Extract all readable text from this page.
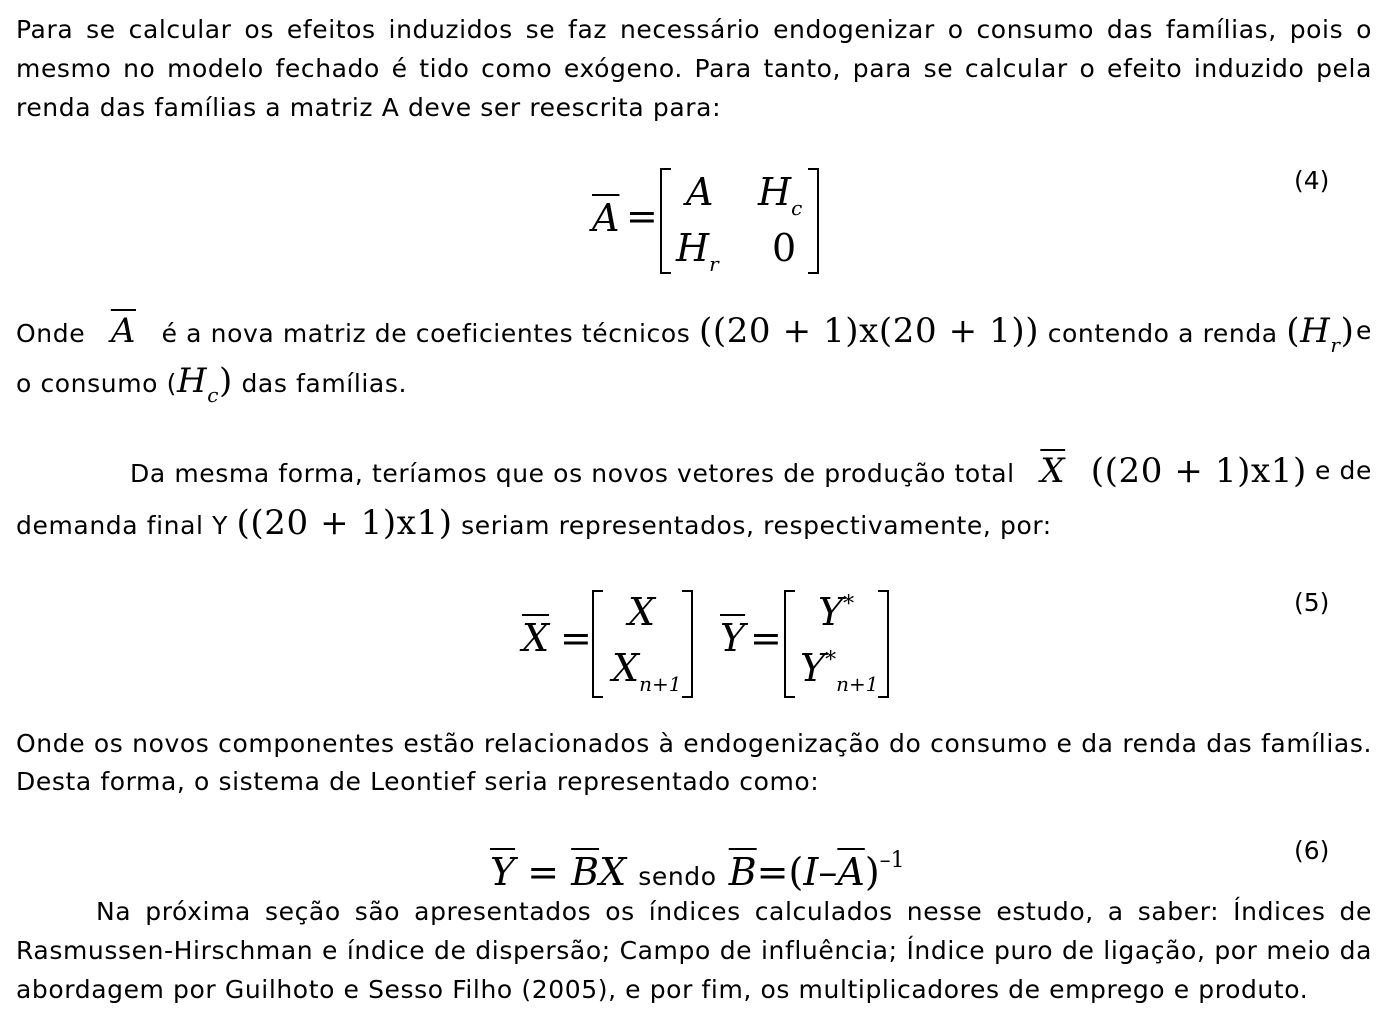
Para se calcular os efeitos induzidos se faz necessário endogenizar o consumo das famílias, pois o
mesmo no modelo fechado é tido como exógeno. Para tanto, para se calcular o efeito induzido pela
renda das famílias a matriz A deve ser reescrita para:
$\overline{A}$ =
A $H_c$
$H_r$ 0
(4)
Onde $\overline{A}$ é a nova matriz de coeficientes técnicos ((20 + 1)x(20 + 1)) contendo a renda $(H_r)$ e
o consumo $(H_c)$ das famílias.
Da mesma forma, teríamos que os novos vetores de produção total $\overline{X}$ ((20 + 1)x1) e de
demanda final Y ((20 + 1)x1) seriam representados, respectivamente, por:
$\overline{X}$ =
X
$X_{n+1}$
$\overline{Y}$ =
Y*
$Y^*_{n+1}$
(5)
Onde os novos componentes estão relacionados à endogenização do consumo e da renda das famílias.
Desta forma, o sistema de Leontief seria representado como:
$\overline{Y} = \overline{B}X$ sendo $\overline{B}=(I-\overline{A})^{-1}$	(6)
Na próxima seção são apresentados os índices calculados nesse estudo, a saber: Índices de
Rasmussen-Hirschman e índice de dispersão; Campo de influência; Índice puro de ligação, por meio da
abordagem por Guilhoto e Sesso Filho (2005), e por fim, os multiplicadores de emprego e produto.
